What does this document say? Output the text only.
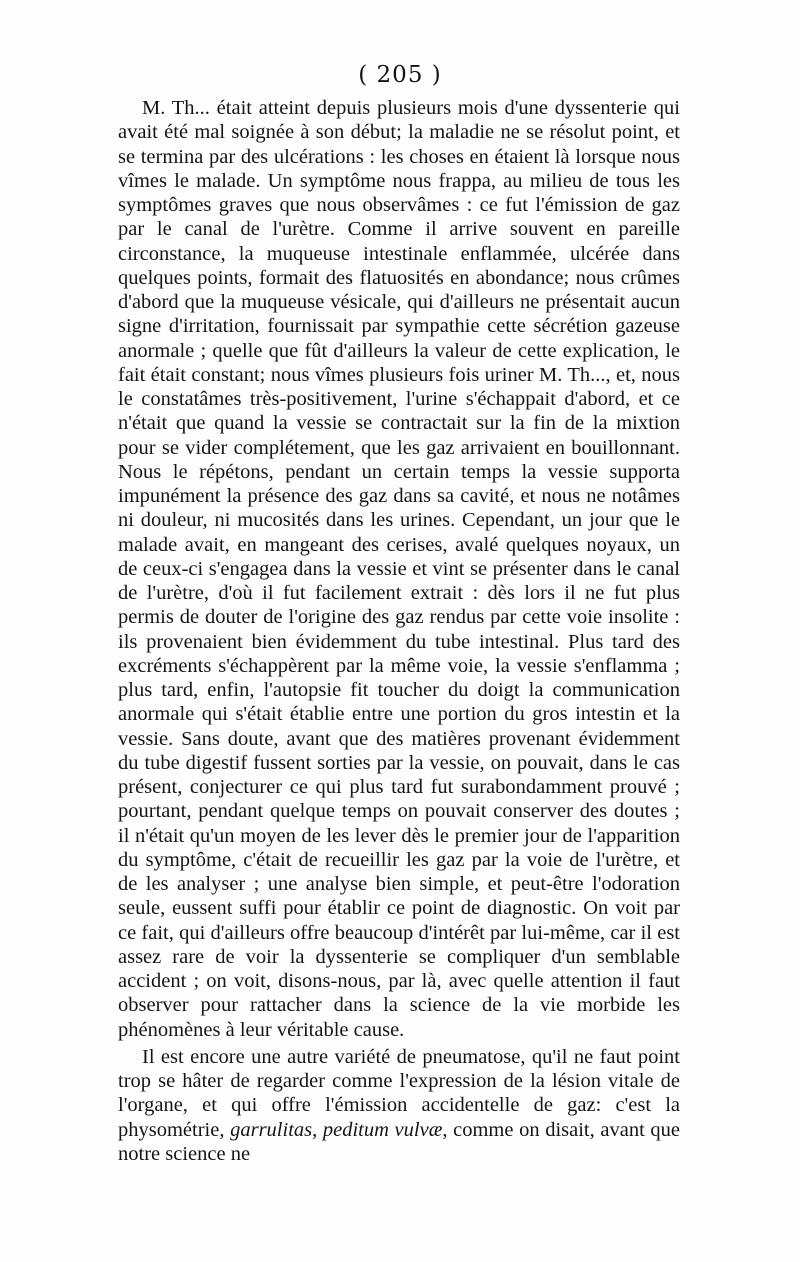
( 205 )

M. Th... était atteint depuis plusieurs mois d'une dyssenterie qui avait été mal soignée à son début; la maladie ne se résolut point, et se termina par des ulcérations : les choses en étaient là lorsque nous vîmes le malade. Un symptôme nous frappa, au milieu de tous les symptômes graves que nous observâmes : ce fut l'émission de gaz par le canal de l'urètre. Comme il arrive souvent en pareille circonstance, la muqueuse intestinale enflammée, ulcérée dans quelques points, formait des flatuosités en abondance; nous crûmes d'abord que la muqueuse vésicale, qui d'ailleurs ne présentait aucun signe d'irritation, fournissait par sympathie cette sécrétion gazeuse anormale ; quelle que fût d'ailleurs la valeur de cette explication, le fait était constant; nous vîmes plusieurs fois uriner M. Th..., et, nous le constatâmes très-positivement, l'urine s'échappait d'abord, et ce n'était que quand la vessie se contractait sur la fin de la mixtion pour se vider complétement, que les gaz arrivaient en bouillonnant. Nous le répétons, pendant un certain temps la vessie supporta impunément la présence des gaz dans sa cavité, et nous ne notâmes ni douleur, ni mucosités dans les urines. Cependant, un jour que le malade avait, en mangeant des cerises, avalé quelques noyaux, un de ceux-ci s'engagea dans la vessie et vint se présenter dans le canal de l'urètre, d'où il fut facilement extrait : dès lors il ne fut plus permis de douter de l'origine des gaz rendus par cette voie insolite : ils provenaient bien évidemment du tube intestinal. Plus tard des excréments s'échappèrent par la même voie, la vessie s'enflamma ; plus tard, enfin, l'autopsie fit toucher du doigt la communication anormale qui s'était établie entre une portion du gros intestin et la vessie. Sans doute, avant que des matières provenant évidemment du tube digestif fussent sorties par la vessie, on pouvait, dans le cas présent, conjecturer ce qui plus tard fut surabondamment prouvé ; pourtant, pendant quelque temps on pouvait conserver des doutes ; il n'était qu'un moyen de les lever dès le premier jour de l'apparition du symptôme, c'était de recueillir les gaz par la voie de l'urètre, et de les analyser ; une analyse bien simple, et peut-être l'odoration seule, eussent suffi pour établir ce point de diagnostic. On voit par ce fait, qui d'ailleurs offre beaucoup d'intérêt par lui-même, car il est assez rare de voir la dyssenterie se compliquer d'un semblable accident ; on voit, disons-nous, par là, avec quelle attention il faut observer pour rattacher dans la science de la vie morbide les phénomènes à leur véritable cause.

Il est encore une autre variété de pneumatose, qu'il ne faut point trop se hâter de regarder comme l'expression de la lésion vitale de l'organe, et qui offre l'émission accidentelle de gaz: c'est la physométrie, garrulitas, peditum vulvæ, comme on disait, avant que notre science ne
